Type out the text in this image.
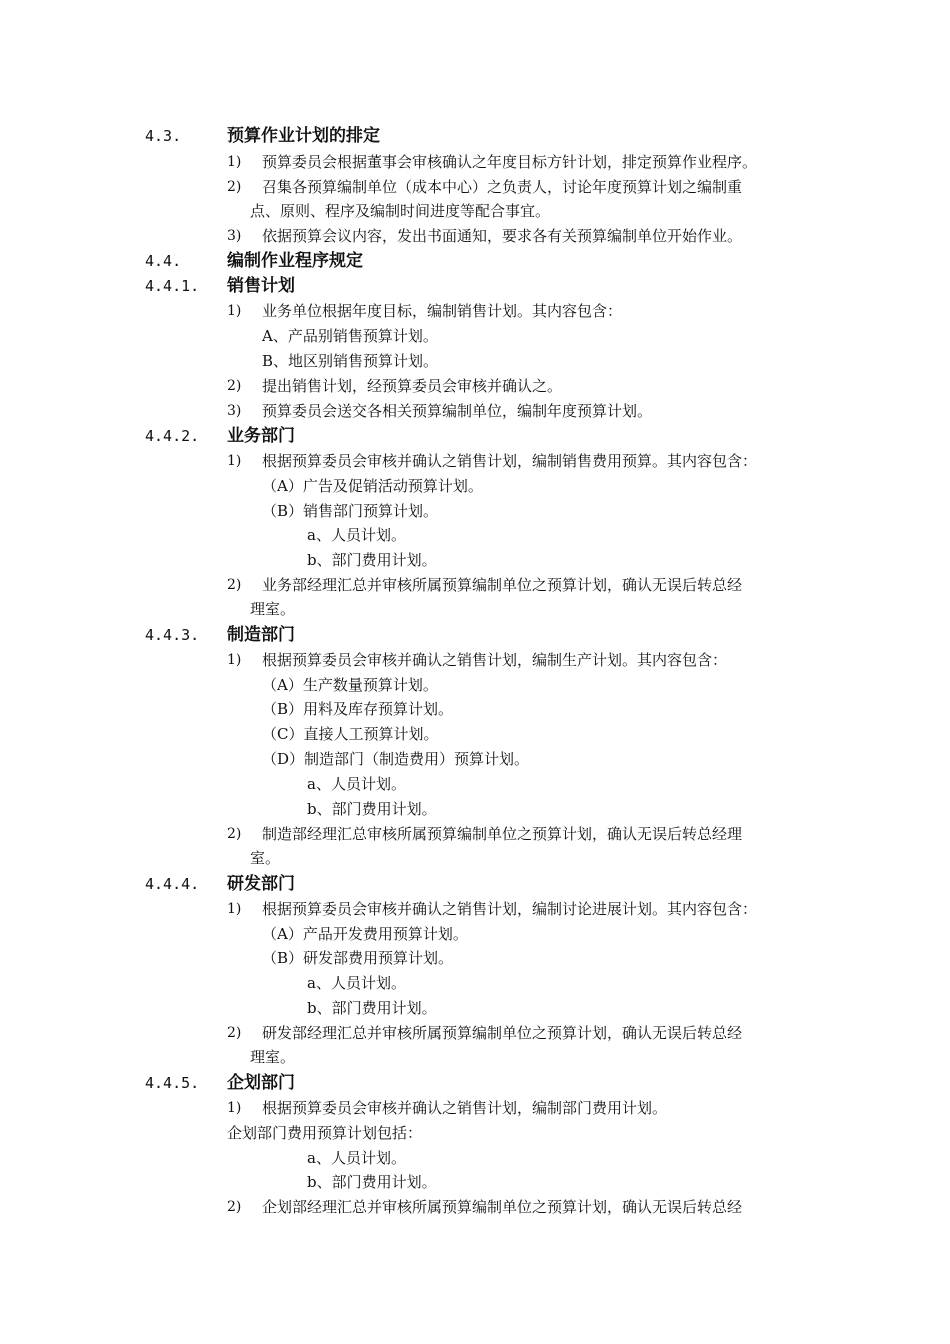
4.3.	预算作业计划的排定
1) 预算委员会根据董事会审核确认之年度目标方针计划，排定预算作业程序。
2) 召集各预算编制单位（成本中心）之负责人，讨论年度预算计划之编制重
点、原则、程序及编制时间进度等配合事宜。
3) 依据预算会议内容，发出书面通知，要求各有关预算编制单位开始作业。
4.4.	编制作业程序规定
4.4.1. 销售计划
1) 业务单位根据年度目标，编制销售计划。其内容包含：
A、产品别销售预算计划。
B、地区别销售预算计划。
2) 提出销售计划，经预算委员会审核并确认之。
3) 预算委员会送交各相关预算编制单位，编制年度预算计划。
4.4.2. 业务部门
1) 根据预算委员会审核并确认之销售计划，编制销售费用预算。其内容包含：
（A）广告及促销活动预算计划。
（B）销售部门预算计划。
a、人员计划。
b、部门费用计划。
2) 业务部经理汇总并审核所属预算编制单位之预算计划，确认无误后转总经
理室。
4.4.3. 制造部门
1) 根据预算委员会审核并确认之销售计划，编制生产计划。其内容包含：
（A）生产数量预算计划。
（B）用料及库存预算计划。
（C）直接人工预算计划。
（D）制造部门（制造费用）预算计划。
a、人员计划。
b、部门费用计划。
2) 制造部经理汇总审核所属预算编制单位之预算计划，确认无误后转总经理
室。
4.4.4. 研发部门
1) 根据预算委员会审核并确认之销售计划，编制讨论进展计划。其内容包含：
（A）产品开发费用预算计划。
（B）研发部费用预算计划。
a、人员计划。
b、部门费用计划。
2) 研发部经理汇总并审核所属预算编制单位之预算计划，确认无误后转总经
理室。
4.4.5. 企划部门
1) 根据预算委员会审核并确认之销售计划，编制部门费用计划。
企划部门费用预算计划包括：
a、人员计划。
b、部门费用计划。
2) 企划部经理汇总并审核所属预算编制单位之预算计划，确认无误后转总经
